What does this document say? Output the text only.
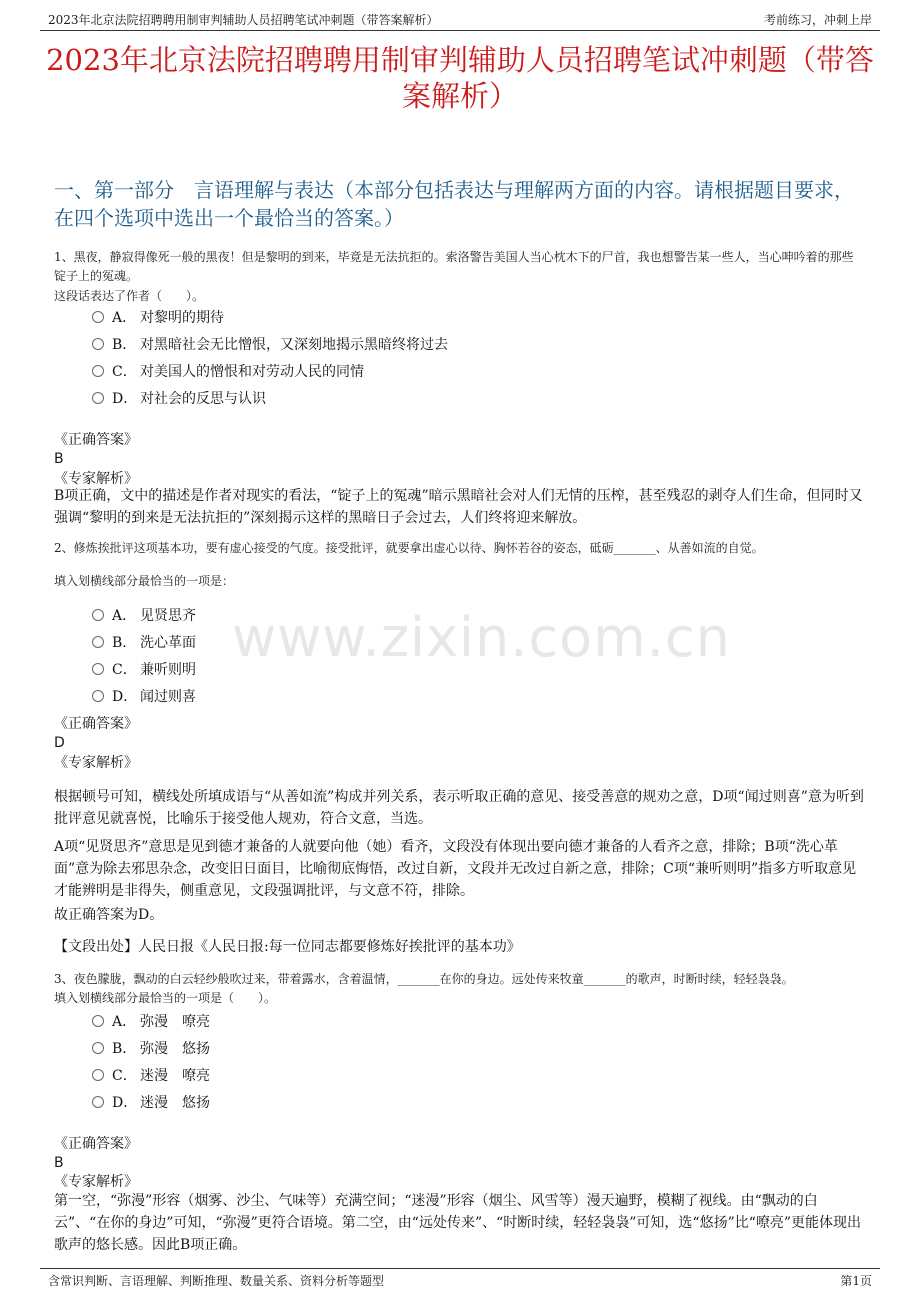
2023年北京法院招聘聘用制审判辅助人员招聘笔试冲刺题（带答案解析）	考前练习，冲刺上岸
2023年北京法院招聘聘用制审判辅助人员招聘笔试冲刺题（带答案解析）
一、第一部分　言语理解与表达（本部分包括表达与理解两方面的内容。请根据题目要求，在四个选项中选出一个最恰当的答案。）
www.zixin.com.cn
1、黑夜，静寂得像死一般的黑夜！但是黎明的到来，毕竟是无法抗拒的。索洛警告美国人当心枕木下的尸首，我也想警告某一些人，当心呻吟着的那些锭子上的冤魂。
这段话表达了作者（　　）。
A． 对黎明的期待
B． 对黑暗社会无比憎恨，又深刻地揭示黑暗终将过去
C． 对美国人的憎恨和对劳动人民的同情
D． 对社会的反思与认识
《正确答案》
B
《专家解析》
B项正确，文中的描述是作者对现实的看法，“锭子上的冤魂”暗示黑暗社会对人们无情的压榨，甚至残忍的剥夺人们生命，但同时又强调“黎明的到来是无法抗拒的”深刻揭示这样的黑暗日子会过去，人们终将迎来解放。
2、修炼挨批评这项基本功，要有虚心接受的气度。接受批评，就要拿出虚心以待、胸怀若谷的姿态，砥砺_______、从善如流的自觉。
填入划横线部分最恰当的一项是：
A． 见贤思齐
B． 洗心革面
C． 兼听则明
D． 闻过则喜
《正确答案》
D
《专家解析》
根据顿号可知，横线处所填成语与“从善如流”构成并列关系，表示听取正确的意见、接受善意的规劝之意，D项“闻过则喜”意为听到批评意见就喜悦，比喻乐于接受他人规劝，符合文意，当选。
A项“见贤思齐”意思是见到德才兼备的人就要向他（她）看齐，文段没有体现出要向德才兼备的人看齐之意，排除；B项“洗心革面”意为除去邪思杂念，改变旧日面目，比喻彻底悔悟，改过自新，文段并无改过自新之意，排除；C项“兼听则明”指多方听取意见才能辨明是非得失，侧重意见，文段强调批评，与文意不符，排除。
故正确答案为D。
【文段出处】人民日报《人民日报:每一位同志都要修炼好挨批评的基本功》
3、夜色朦胧，飘动的白云轻纱般吹过来，带着露水，含着温情，_______在你的身边。远处传来牧童_______的歌声，时断时续，轻轻袅袅。
填入划横线部分最恰当的一项是（　　）。
A． 弥漫　嘹亮
B． 弥漫　悠扬
C． 迷漫　嘹亮
D． 迷漫　悠扬
《正确答案》
B
《专家解析》
第一空，“弥漫”形容（烟雾、沙尘、气味等）充满空间；“迷漫”形容（烟尘、风雪等）漫天遍野，模糊了视线。由“飘动的白云”、“在你的身边”可知，“弥漫”更符合语境。第二空，由“远处传来”、“时断时续，轻轻袅袅”可知，选“悠扬”比“嘹亮”更能体现出歌声的悠长感。因此B项正确。
含常识判断、言语理解、判断推理、数量关系、资料分析等题型	第1页
